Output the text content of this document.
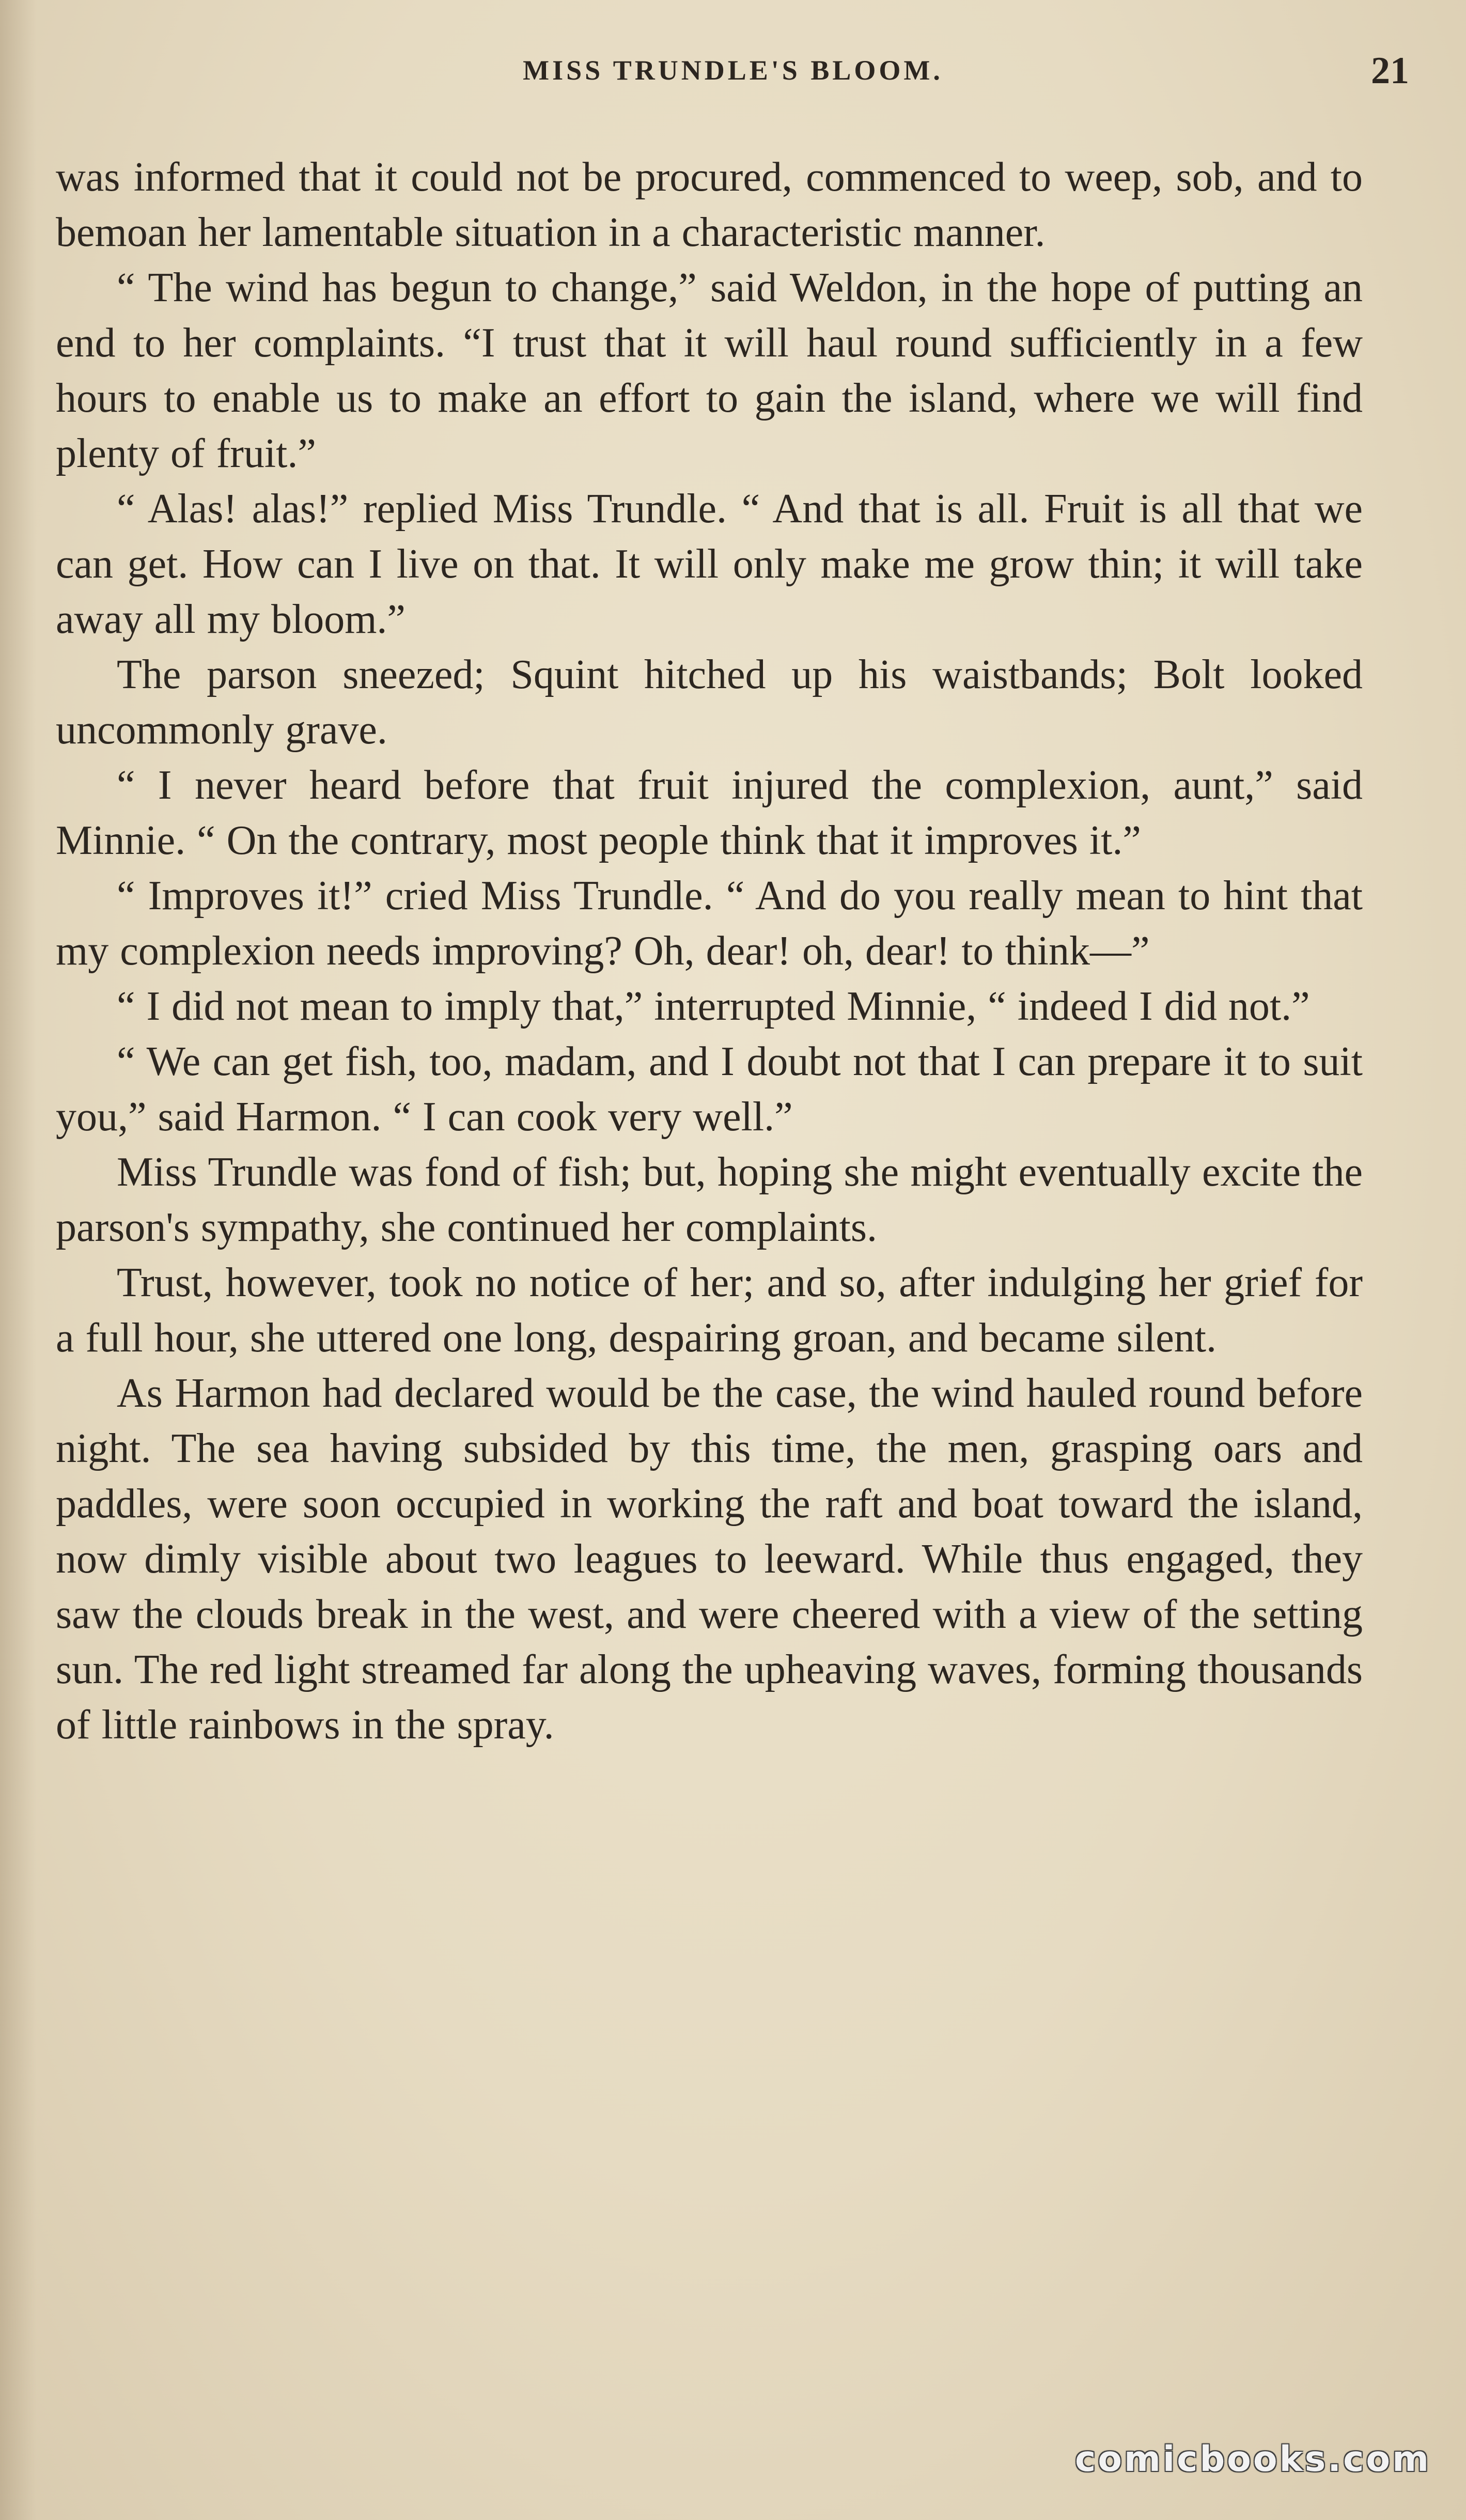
MISS TRUNDLE'S BLOOM.	21

was informed that it could not be procured, commenced to weep, sob, and to bemoan her lamentable situation in a characteristic manner.

“ The wind has begun to change,” said Weldon, in the hope of putting an end to her complaints. “I trust that it will haul round sufficiently in a few hours to enable us to make an effort to gain the island, where we will find plenty of fruit.”

“ Alas! alas!” replied Miss Trundle. “ And that is all. Fruit is all that we can get. How can I live on that. It will only make me grow thin; it will take away all my bloom.”

The parson sneezed; Squint hitched up his waistbands; Bolt looked uncommonly grave.

“ I never heard before that fruit injured the complexion, aunt,” said Minnie. “ On the contrary, most people think that it improves it.”

“ Improves it!” cried Miss Trundle. “ And do you really mean to hint that my complexion needs improving? Oh, dear! oh, dear! to think—”

“ I did not mean to imply that,” interrupted Minnie, “ indeed I did not.”

“ We can get fish, too, madam, and I doubt not that I can prepare it to suit you,” said Harmon. “ I can cook very well.”

Miss Trundle was fond of fish; but, hoping she might eventually excite the parson's sympathy, she continued her complaints.

Trust, however, took no notice of her; and so, after indulging her grief for a full hour, she uttered one long, despairing groan, and became silent.

As Harmon had declared would be the case, the wind hauled round before night. The sea having subsided by this time, the men, grasping oars and paddles, were soon occupied in working the raft and boat toward the island, now dimly visible about two leagues to leeward. While thus engaged, they saw the clouds break in the west, and were cheered with a view of the setting sun. The red light streamed far along the upheaving waves, forming thousands of little rainbows in the spray.

comicbooks.com
